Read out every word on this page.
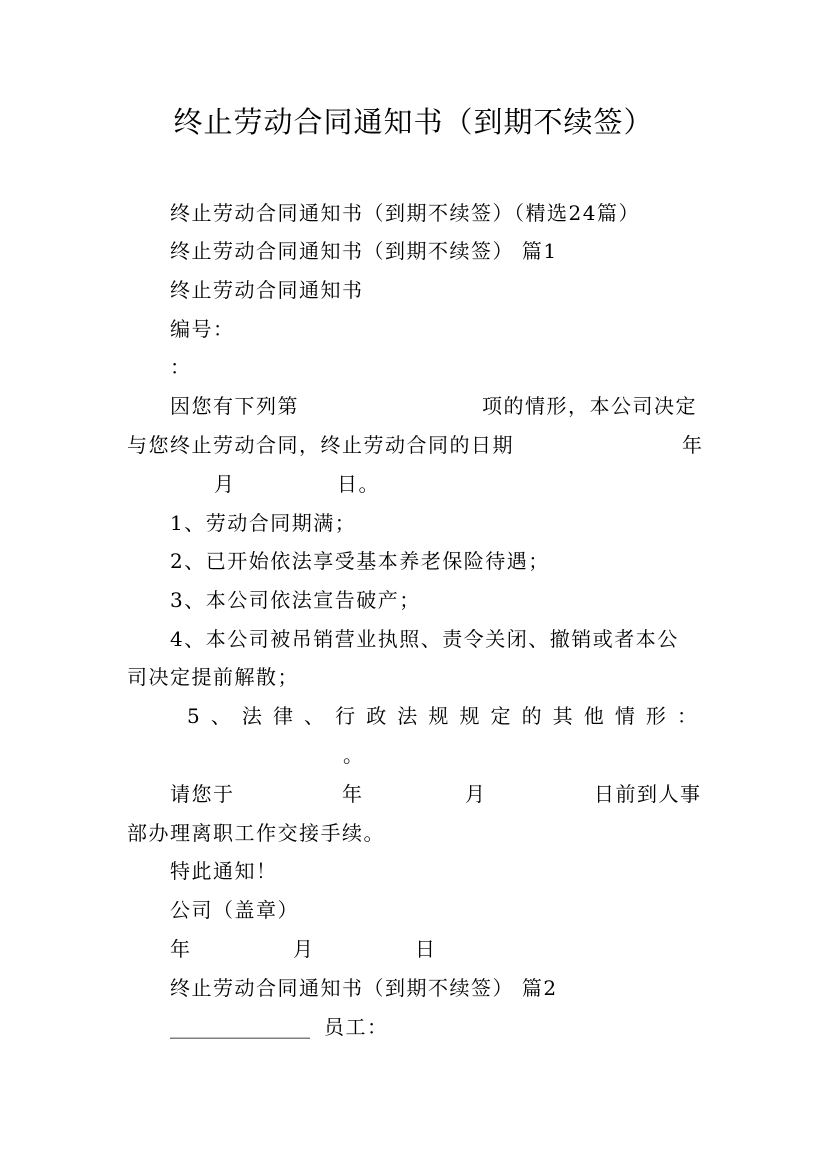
终止劳动合同通知书（到期不续签）
终止劳动合同通知书（到期不续签）（精选24篇）
终止劳动合同通知书（到期不续签） 篇1
终止劳动合同通知书
编号：
：
因您有下列第	项的情形，本公司决定
与您终止劳动合同，终止劳动合同的日期	年
月	日。
1、劳动合同期满；
2、已开始依法享受基本养老保险待遇；
3、本公司依法宣告破产；
4、本公司被吊销营业执照、责令关闭、撤销或者本公
司决定提前解散；
5 、 法 律 、 行 政 法 规 规 定 的 其 他 情 形 ：
。
请您于	年	月	日前到人事
部办理离职工作交接手续。
特此通知！
公司（盖章）
年	月	日
终止劳动合同通知书（到期不续签） 篇2
______________ 员工：
